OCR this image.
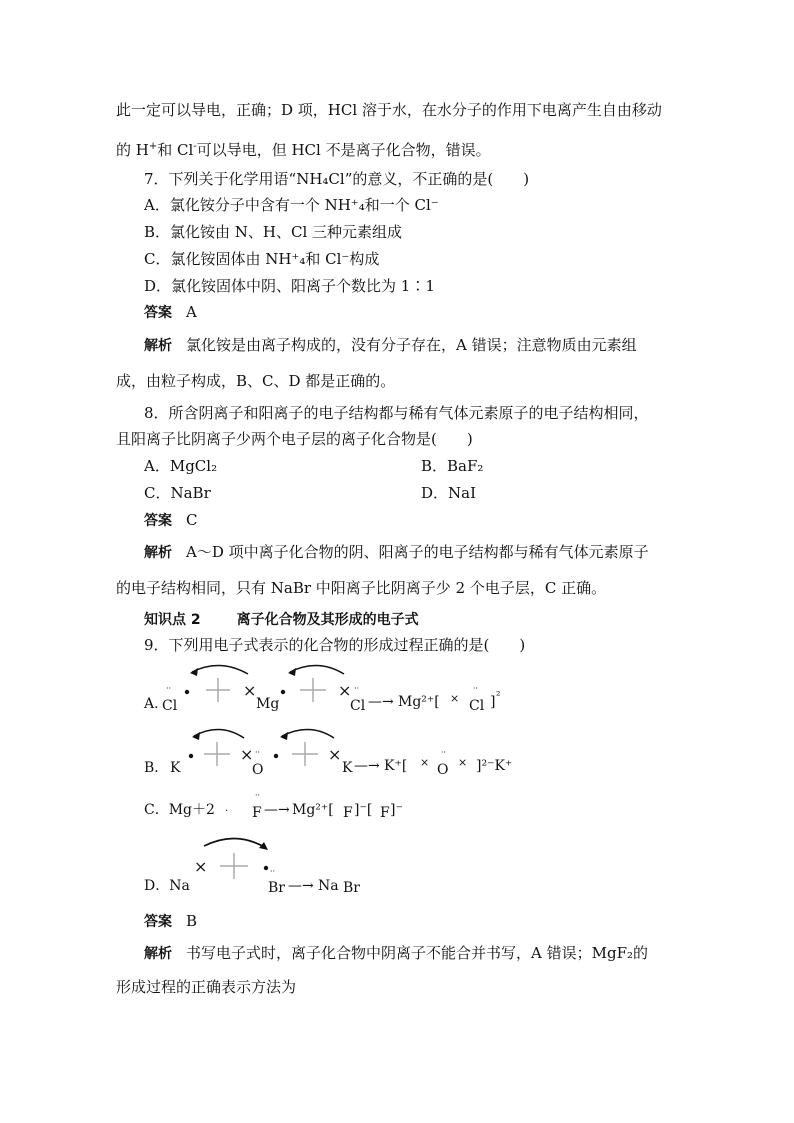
此一定可以导电，正确；D 项，HCl 溶于水，在水分子的作用下电离产生自由移动
的 H+和 Cl-可以导电，但 HCl 不是离子化合物，错误。
7．下列关于化学用语“NH₄Cl”的意义，不正确的是(　　)
A．氯化铵分子中含有一个 NH⁺₄和一个 Cl⁻
B．氯化铵由 N、H、Cl 三种元素组成
C．氯化铵固体由 NH⁺₄和 Cl⁻构成
D．氯化铵固体中阴、阳离子个数比为 1∶1
答案 A
解析 氯化铵是由离子构成的，没有分子存在，A 错误；注意物质由元素组
成，由粒子构成，B、C、D 都是正确的。
8．所含阴离子和阳离子的电子结构都与稀有气体元素原子的电子结构相同，
且阳离子比阴离子少两个电子层的离子化合物是(　　)
A．MgCl₂	B．BaF₂
C．NaBr	D．NaI
答案 C
解析 A～D 项中离子化合物的阴、阳离子的电子结构都与稀有气体元素原子
的电子结构相同，只有 NaBr 中阳离子比阴离子少 2 个电子层，C 正确。
知识点 2	离子化合物及其形成的电子式
9．下列用电子式表示的化合物的形成过程正确的是(　　)
A.
··
Cl
×
Mg
× ··
Cl —→ Mg²⁺[ ×
··
Cl ] ²
B． K
× ··
O
×
K —→ K⁺[ ×
··
O × ]²⁻K⁺
C．Mg＋2 ·
··
F —→ Mg²⁺[ F ]⁻[ F ]⁻
D．Na
×	··
Br —→ Na Br
答案 B
解析 书写电子式时，离子化合物中阴离子不能合并书写，A 错误；MgF₂的
形成过程的正确表示方法为
